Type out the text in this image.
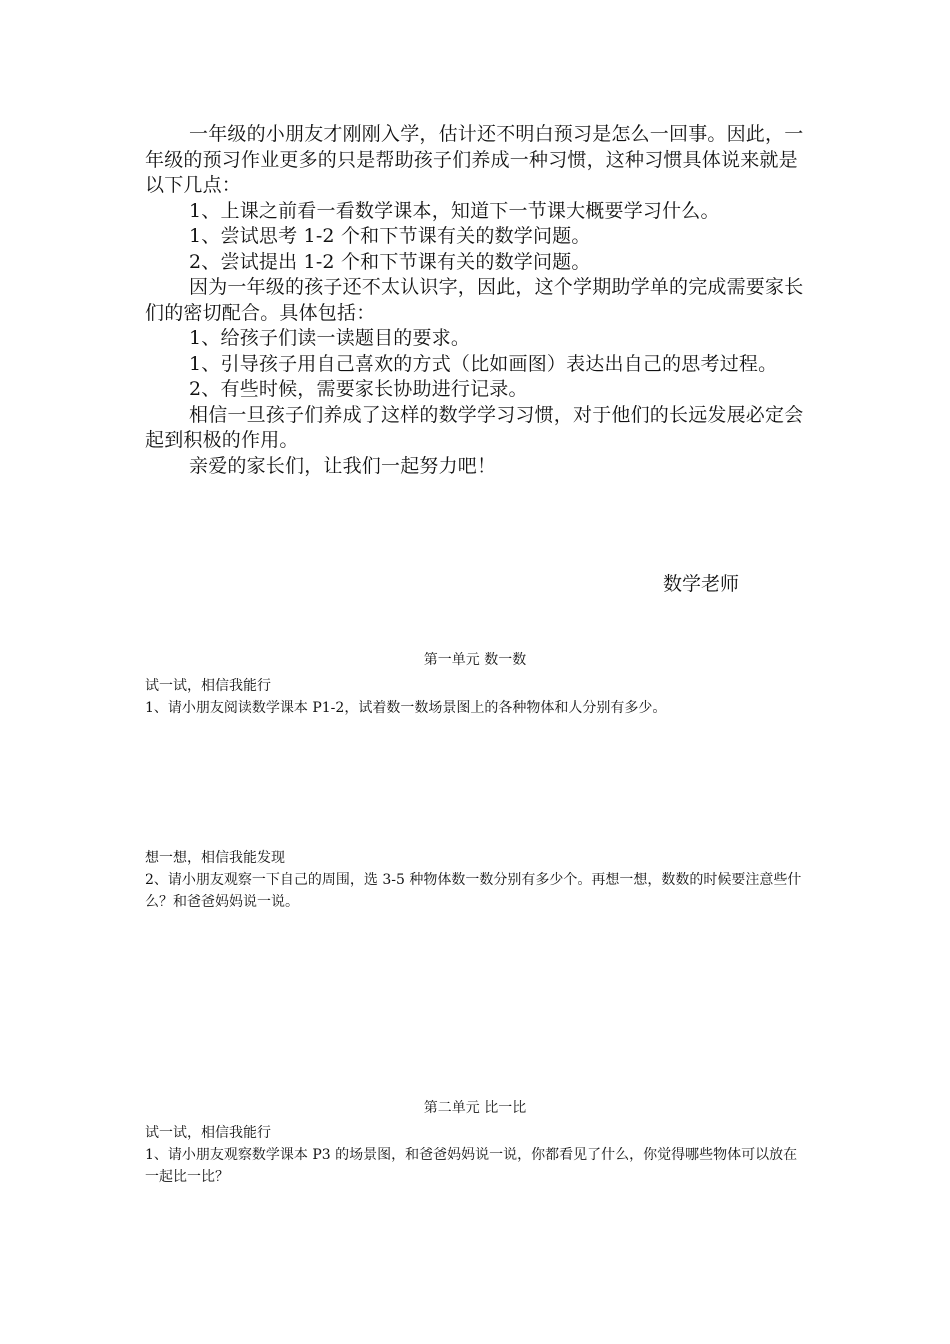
一年级的小朋友才刚刚入学，估计还不明白预习是怎么一回事。因此，一年级的预习作业更多的只是帮助孩子们养成一种习惯，这种习惯具体说来就是以下几点：

1、上课之前看一看数学课本，知道下一节课大概要学习什么。

1、尝试思考 1-2 个和下节课有关的数学问题。

2、尝试提出 1-2 个和下节课有关的数学问题。

因为一年级的孩子还不太认识字，因此，这个学期助学单的完成需要家长们的密切配合。具体包括：

1、给孩子们读一读题目的要求。

1、引导孩子用自己喜欢的方式（比如画图）表达出自己的思考过程。

2、有些时候，需要家长协助进行记录。

相信一旦孩子们养成了这样的数学学习习惯，对于他们的长远发展必定会起到积极的作用。

亲爱的家长们，让我们一起努力吧！

数学老师
第一单元 数一数

试一试，相信我能行

1、请小朋友阅读数学课本 P1-2，试着数一数场景图上的各种物体和人分别有多少。

想一想，相信我能发现

2、请小朋友观察一下自己的周围，选 3-5 种物体数一数分别有多少个。再想一想，数数的时候要注意些什么？和爸爸妈妈说一说。

第二单元 比一比

试一试，相信我能行

1、请小朋友观察数学课本 P3 的场景图，和爸爸妈妈说一说，你都看见了什么，你觉得哪些物体可以放在一起比一比？
